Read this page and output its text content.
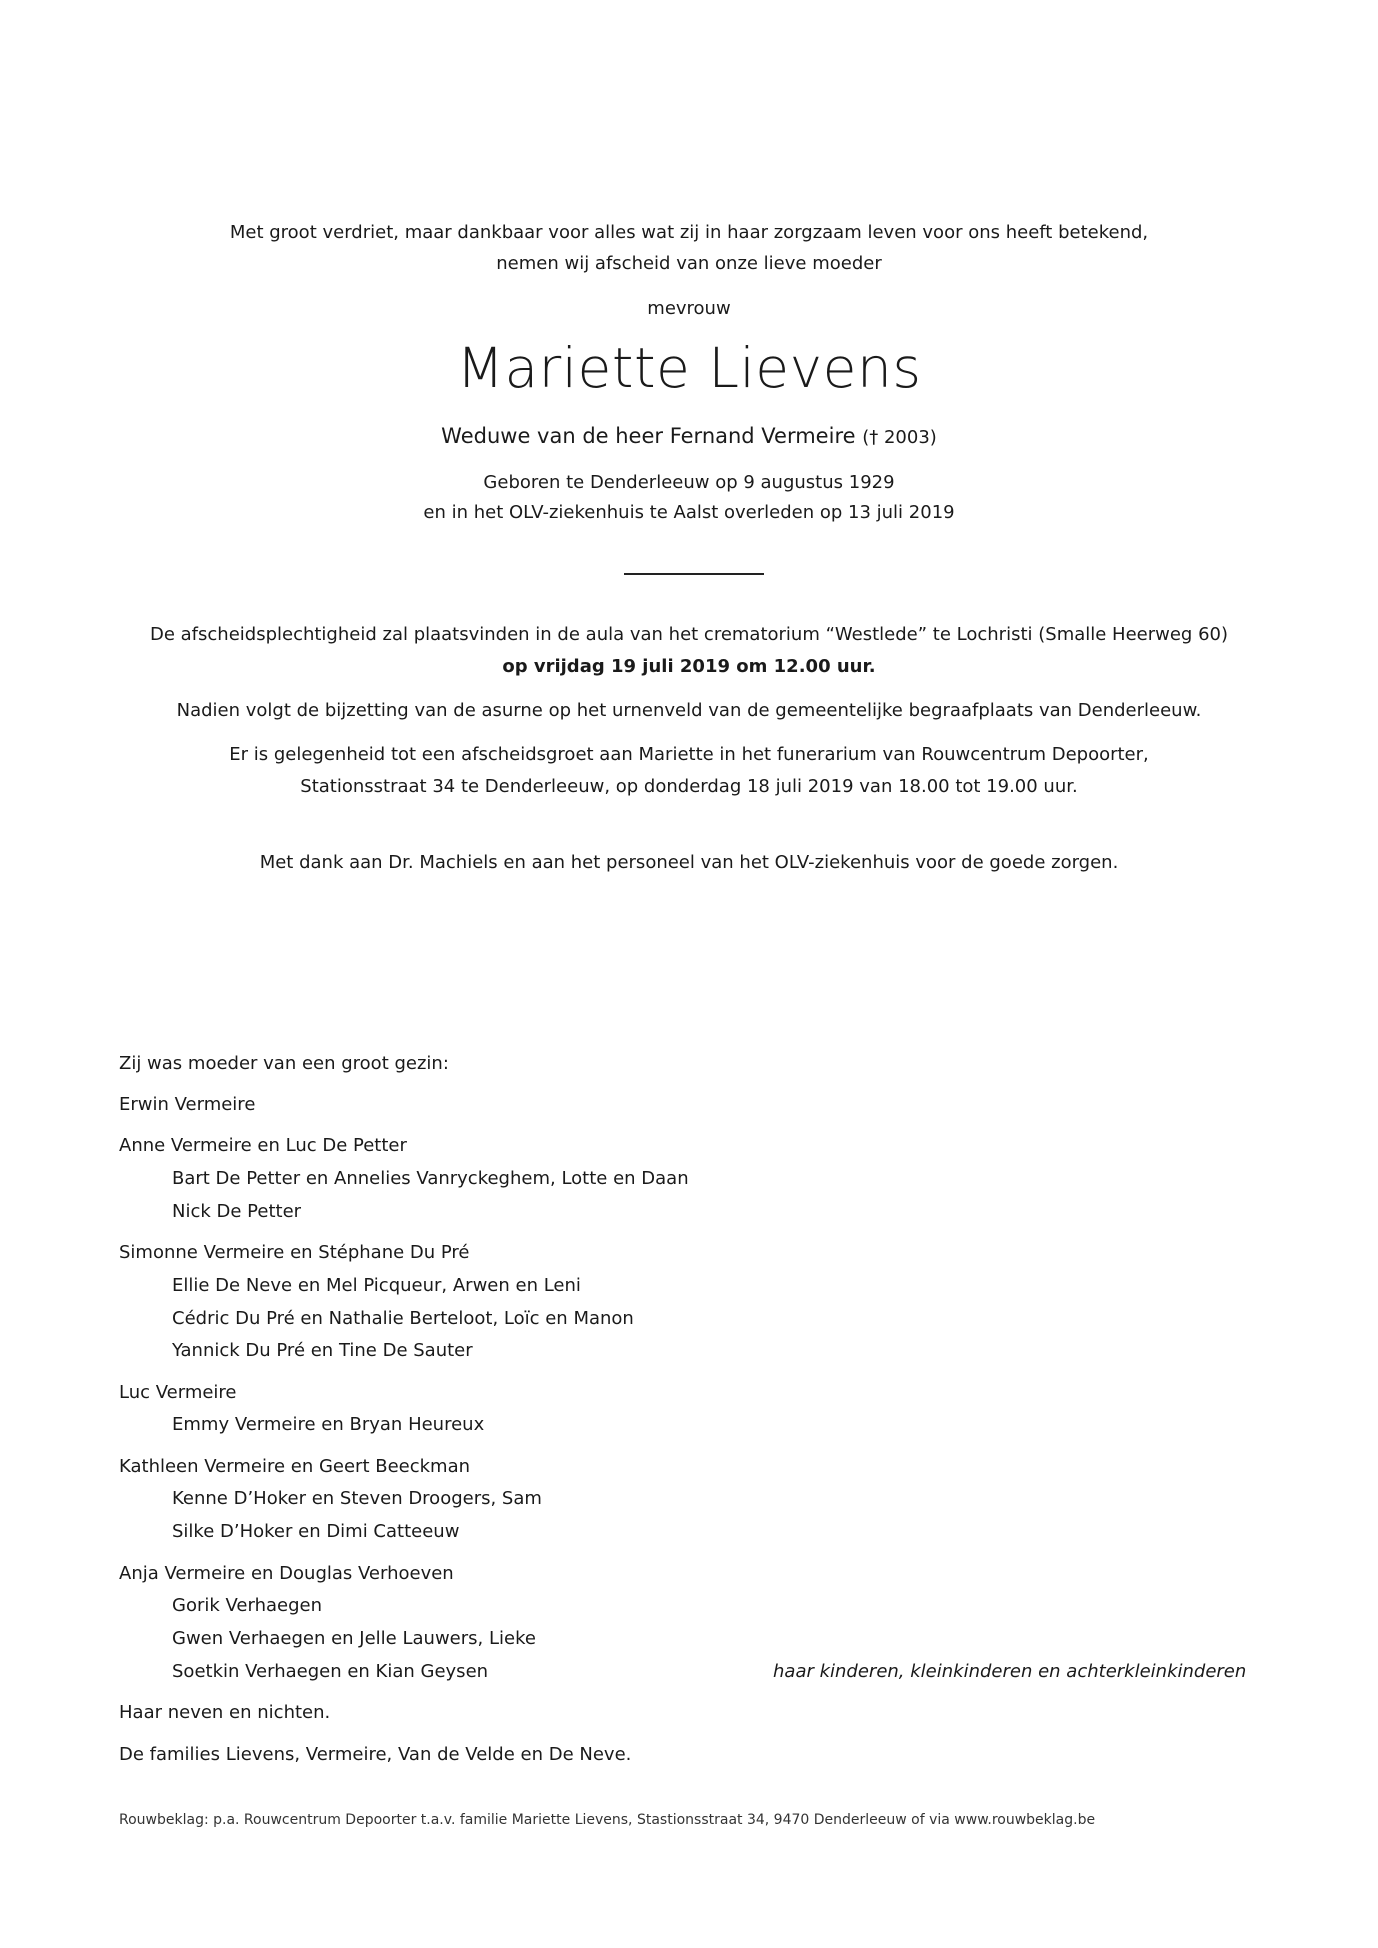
Met groot verdriet, maar dankbaar voor alles wat zij in haar zorgzaam leven voor ons heeft betekend,
nemen wij afscheid van onze lieve moeder
mevrouw
Mariette Lievens
Weduwe van de heer Fernand Vermeire († 2003)
Geboren te Denderleeuw op 9 augustus 1929
en in het OLV-ziekenhuis te Aalst overleden op 13 juli 2019
De afscheidsplechtigheid zal plaatsvinden in de aula van het crematorium “Westlede” te Lochristi (Smalle Heerweg 60)
op vrijdag 19 juli 2019 om 12.00 uur.
Nadien volgt de bijzetting van de asurne op het urnenveld van de gemeentelijke begraafplaats van Denderleeuw.
Er is gelegenheid tot een afscheidsgroet aan Mariette in het funerarium van Rouwcentrum Depoorter,
Stationsstraat 34 te Denderleeuw, op donderdag 18 juli 2019 van 18.00 tot 19.00 uur.
Met dank aan Dr. Machiels en aan het personeel van het OLV-ziekenhuis voor de goede zorgen.
Zij was moeder van een groot gezin:
Erwin Vermeire
Anne Vermeire en Luc De Petter
Bart De Petter en Annelies Vanryckeghem, Lotte en Daan
Nick De Petter
Simonne Vermeire en Stéphane Du Pré
Ellie De Neve en Mel Picqueur, Arwen en Leni
Cédric Du Pré en Nathalie Berteloot, Loïc en Manon
Yannick Du Pré en Tine De Sauter
Luc Vermeire
Emmy Vermeire en Bryan Heureux
Kathleen Vermeire en Geert Beeckman
Kenne D’Hoker en Steven Droogers, Sam
Silke D’Hoker en Dimi Catteeuw
Anja Vermeire en Douglas Verhoeven
Gorik Verhaegen
Gwen Verhaegen en Jelle Lauwers, Lieke
Soetkin Verhaegen en Kian Geysen	haar kinderen, kleinkinderen en achterkleinkinderen
Haar neven en nichten.
De families Lievens, Vermeire, Van de Velde en De Neve.
Rouwbeklag: p.a. Rouwcentrum Depoorter t.a.v. familie Mariette Lievens, Stastionsstraat 34, 9470 Denderleeuw of via www.rouwbeklag.be
